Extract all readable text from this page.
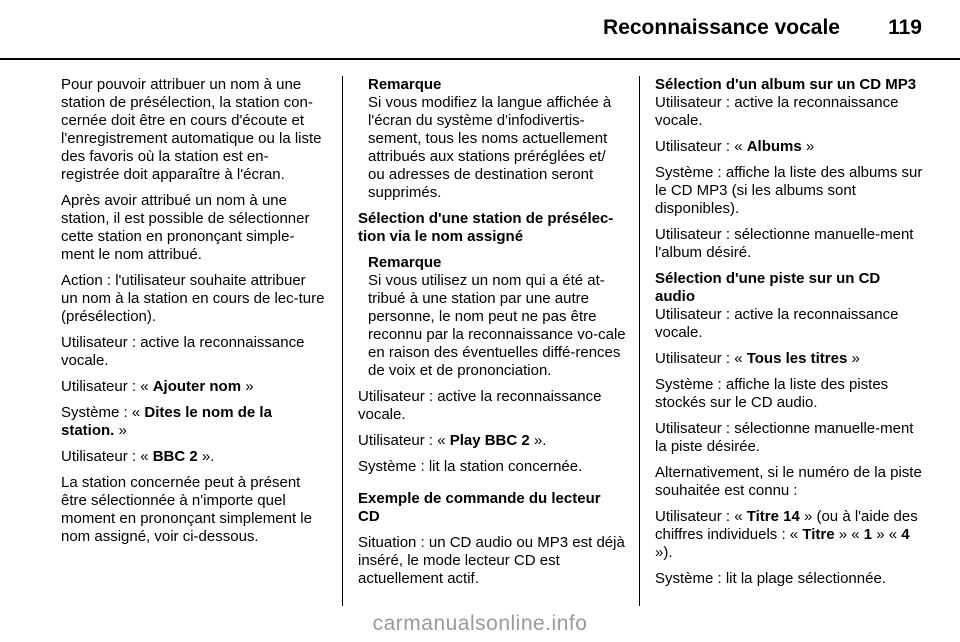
Reconnaissance vocale 119

Pour pouvoir attribuer un nom à une station de présélection, la station con-cernée doit être en cours d'écoute et l'enregistrement automatique ou la liste des favoris où la station est en-registrée doit apparaître à l'écran.

Après avoir attribué un nom à une station, il est possible de sélectionner cette station en prononçant simple-ment le nom attribué.

Action : l'utilisateur souhaite attribuer un nom à la station en cours de lec-ture (présélection).

Utilisateur : active la reconnaissance vocale.

Utilisateur : « Ajouter nom »

Système : « Dites le nom de la station. »

Utilisateur : « BBC 2 ».

La station concernée peut à présent être sélectionnée à n'importe quel moment en prononçant simplement le nom assigné, voir ci-dessous.

Remarque
Si vous modifiez la langue affichée à l'écran du système d'infodivertis-sement, tous les noms actuellement attribués aux stations préréglées et/ ou adresses de destination seront supprimés.
Sélection d'une station de présélec-tion via le nom assigné
Remarque
Si vous utilisez un nom qui a été at-tribué à une station par une autre personne, le nom peut ne pas être reconnu par la reconnaissance vo-cale en raison des éventuelles diffé-rences de voix et de prononciation.

Utilisateur : active la reconnaissance vocale.

Utilisateur : « Play BBC 2 ».

Système : lit la station concernée.

Exemple de commande du lecteur CD

Situation : un CD audio ou MP3 est déjà inséré, le mode lecteur CD est actuellement actif.

Sélection d'un album sur un CD MP3
Utilisateur : active la reconnaissance vocale.

Utilisateur : « Albums »

Système : affiche la liste des albums sur le CD MP3 (si les albums sont disponibles).

Utilisateur : sélectionne manuelle-ment l'album désiré.

Sélection d'une piste sur un CD audio
Utilisateur : active la reconnaissance vocale.

Utilisateur : « Tous les titres »

Système : affiche la liste des pistes stockés sur le CD audio.

Utilisateur : sélectionne manuelle-ment la piste désirée.

Alternativement, si le numéro de la piste souhaitée est connu :

Utilisateur : « Titre 14 » (ou à l'aide des chiffres individuels : « Titre » « 1 » « 4 »).

Système : lit la plage sélectionnée.

carmanualsonline.info
